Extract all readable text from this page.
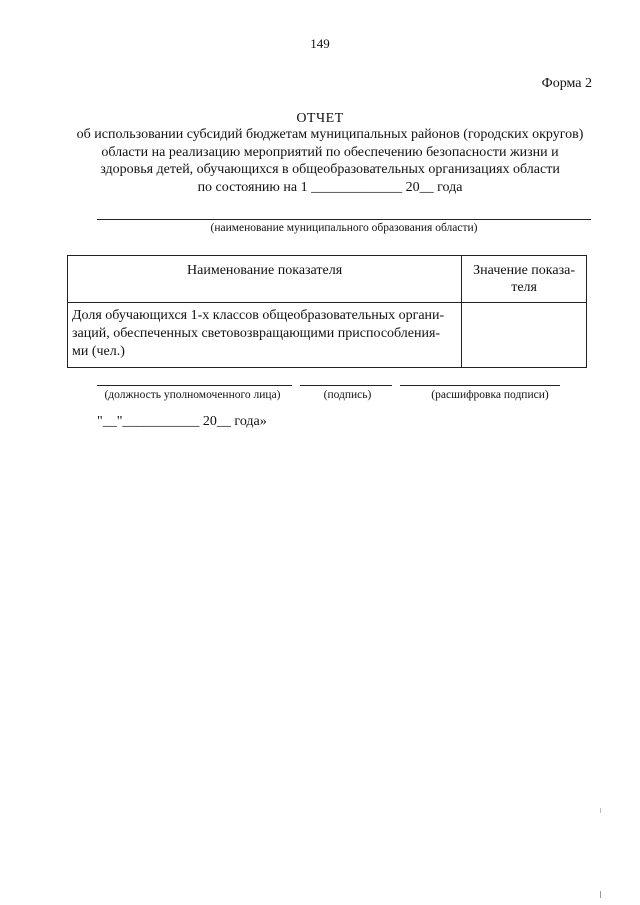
149
Форма 2
ОТЧЕТ
об использовании субсидий бюджетам муниципальных районов (городских округов)
области на реализацию мероприятий по обеспечению безопасности жизни и
здоровья детей, обучающихся в общеобразовательных организациях области
по состоянию на 1 _____________ 20__ года
(наименование муниципального образования области)
Наименование показателя	Значение показа-
теля

Доля обучающихся 1-х классов общеобразовательных органи-
заций, обеспеченных световозвращающими приспособления-
ми (чел.)	

(должность уполномоченного лица)	(подпись)	(расшифровка подписи)
"__"___________ 20__ года»
